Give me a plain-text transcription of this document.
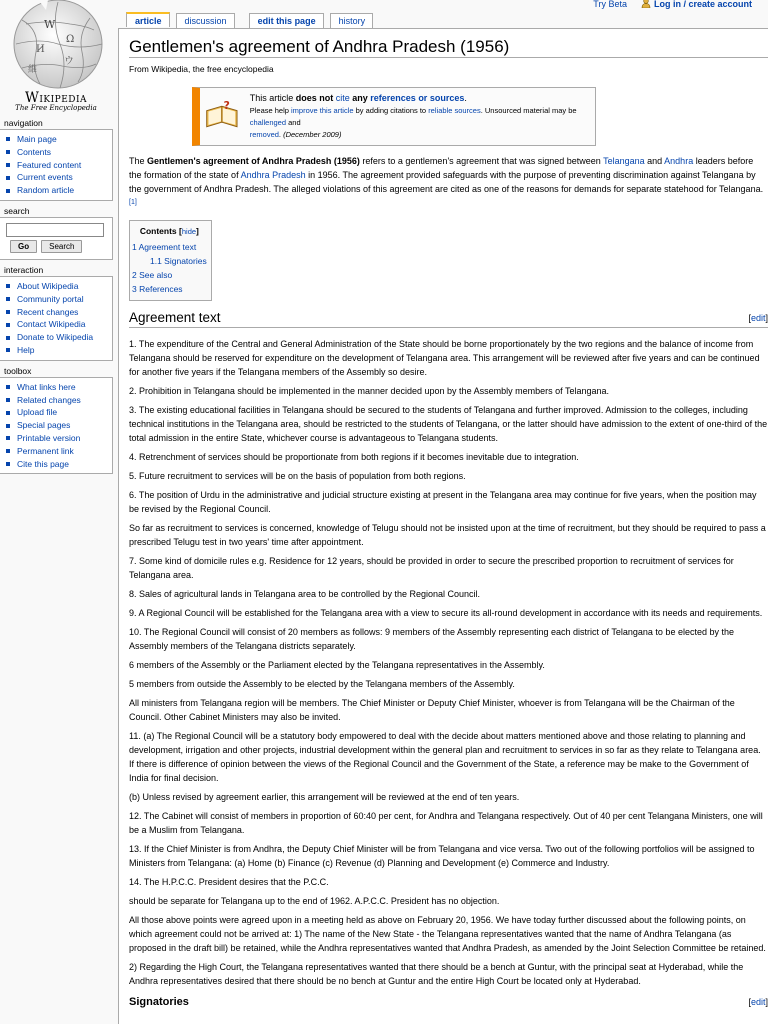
W
Ω
И
ウ
維
Wikipedia
The Free Encyclopedia
Try Beta	Log in / create account
article	discussion	edit this page	history
navigation
Main page
Contents
Featured content
Current events
Random article
search
Go	Search
interaction
About Wikipedia
Community portal
Recent changes
Contact Wikipedia
Donate to Wikipedia
Help
toolbox
What links here
Related changes
Upload file
Special pages
Printable version
Permanent link
Cite this page
Gentlemen's agreement of Andhra Pradesh (1956)
From Wikipedia, the free encyclopedia
?
This article does not cite any references or sources.
Please help improve this article by adding citations to reliable sources. Unsourced material may be challenged and
removed. (December 2009)

The Gentlemen's agreement of Andhra Pradesh (1956) refers to a gentlemen's agreement that was signed between Telangana and Andhra leaders before the formation of the state of Andhra Pradesh in 1956. The agreement provided safeguards with the purpose of preventing discrimination against Telangana by the government of Andhra Pradesh. The alleged violations of this agreement are cited as one of the reasons for demands for separate statehood for Telangana.[1]

Contents [hide]
1 Agreement text
1.1 Signatories
2 See also
3 References
Agreement text	[edit]

1. The expenditure of the Central and General Administration of the State should be borne proportionately by the two regions and the balance of income from Telangana should be reserved for expenditure on the development of Telangana area. This arrangement will be reviewed after five years and can be continued for another five years if the Telangana members of the Assembly so desire.

2. Prohibition in Telangana should be implemented in the manner decided upon by the Assembly members of Telangana.

3. The existing educational facilities in Telangana should be secured to the students of Telangana and further improved. Admission to the colleges, including technical institutions in the Telangana area, should be restricted to the students of Telangana, or the latter should have admission to the extent of one-third of the total admission in the entire State, whichever course is advantageous to Telangana students.

4. Retrenchment of services should be proportionate from both regions if it becomes inevitable due to integration.

5. Future recruitment to services will be on the basis of population from both regions.

6. The position of Urdu in the administrative and judicial structure existing at present in the Telangana area may continue for five years, when the position may be revised by the Regional Council.

So far as recruitment to services is concerned, knowledge of Telugu should not be insisted upon at the time of recruitment, but they should be required to pass a prescribed Telugu test in two years' time after appointment.

7. Some kind of domicile rules e.g. Residence for 12 years, should be provided in order to secure the prescribed proportion to recruitment of services for Telangana area.

8. Sales of agricultural lands in Telangana area to be controlled by the Regional Council.

9. A Regional Council will be established for the Telangana area with a view to secure its all-round development in accordance with its needs and requirements.

10. The Regional Council will consist of 20 members as follows: 9 members of the Assembly representing each district of Telangana to be elected by the Assembly members of the Telangana districts separately.

6 members of the Assembly or the Parliament elected by the Telangana representatives in the Assembly.

5 members from outside the Assembly to be elected by the Telangana members of the Assembly.

All ministers from Telangana region will be members. The Chief Minister or Deputy Chief Minister, whoever is from Telangana will be the Chairman of the Council. Other Cabinet Ministers may also be invited.

11. (a) The Regional Council will be a statutory body empowered to deal with the decide about matters mentioned above and those relating to planning and development, irrigation and other projects, industrial development within the general plan and recruitment to services in so far as they relate to Telangana area. If there is difference of opinion between the views of the Regional Council and the Government of the State, a reference may be make to the Government of India for final decision.

(b) Unless revised by agreement earlier, this arrangement will be reviewed at the end of ten years.

12. The Cabinet will consist of members in proportion of 60:40 per cent, for Andhra and Telangana respectively. Out of 40 per cent Telangana Ministers, one will be a Muslim from Telangana.

13. If the Chief Minister is from Andhra, the Deputy Chief Minister will be from Telangana and vice versa. Two out of the following portfolios will be assigned to Ministers from Telangana: (a) Home (b) Finance (c) Revenue (d) Planning and Development (e) Commerce and Industry.

14. The H.P.C.C. President desires that the P.C.C.

should be separate for Telangana up to the end of 1962. A.P.C.C. President has no objection.

All those above points were agreed upon in a meeting held as above on February 20, 1956. We have today further discussed about the following points, on which agreement could not be arrived at: 1) The name of the New State - the Telangana representatives wanted that the name of Andhra Telangana (as proposed in the draft bill) be retained, while the Andhra representatives wanted that Andhra Pradesh, as amended by the Joint Selection Committee be retained.

2) Regarding the High Court, the Telangana representatives wanted that there should be a bench at Guntur, with the principal seat at Hyderabad, while the Andhra representatives desired that there should be no bench at Guntur and the entire High Court be located only at Hyderabad.

Signatories	[edit]
